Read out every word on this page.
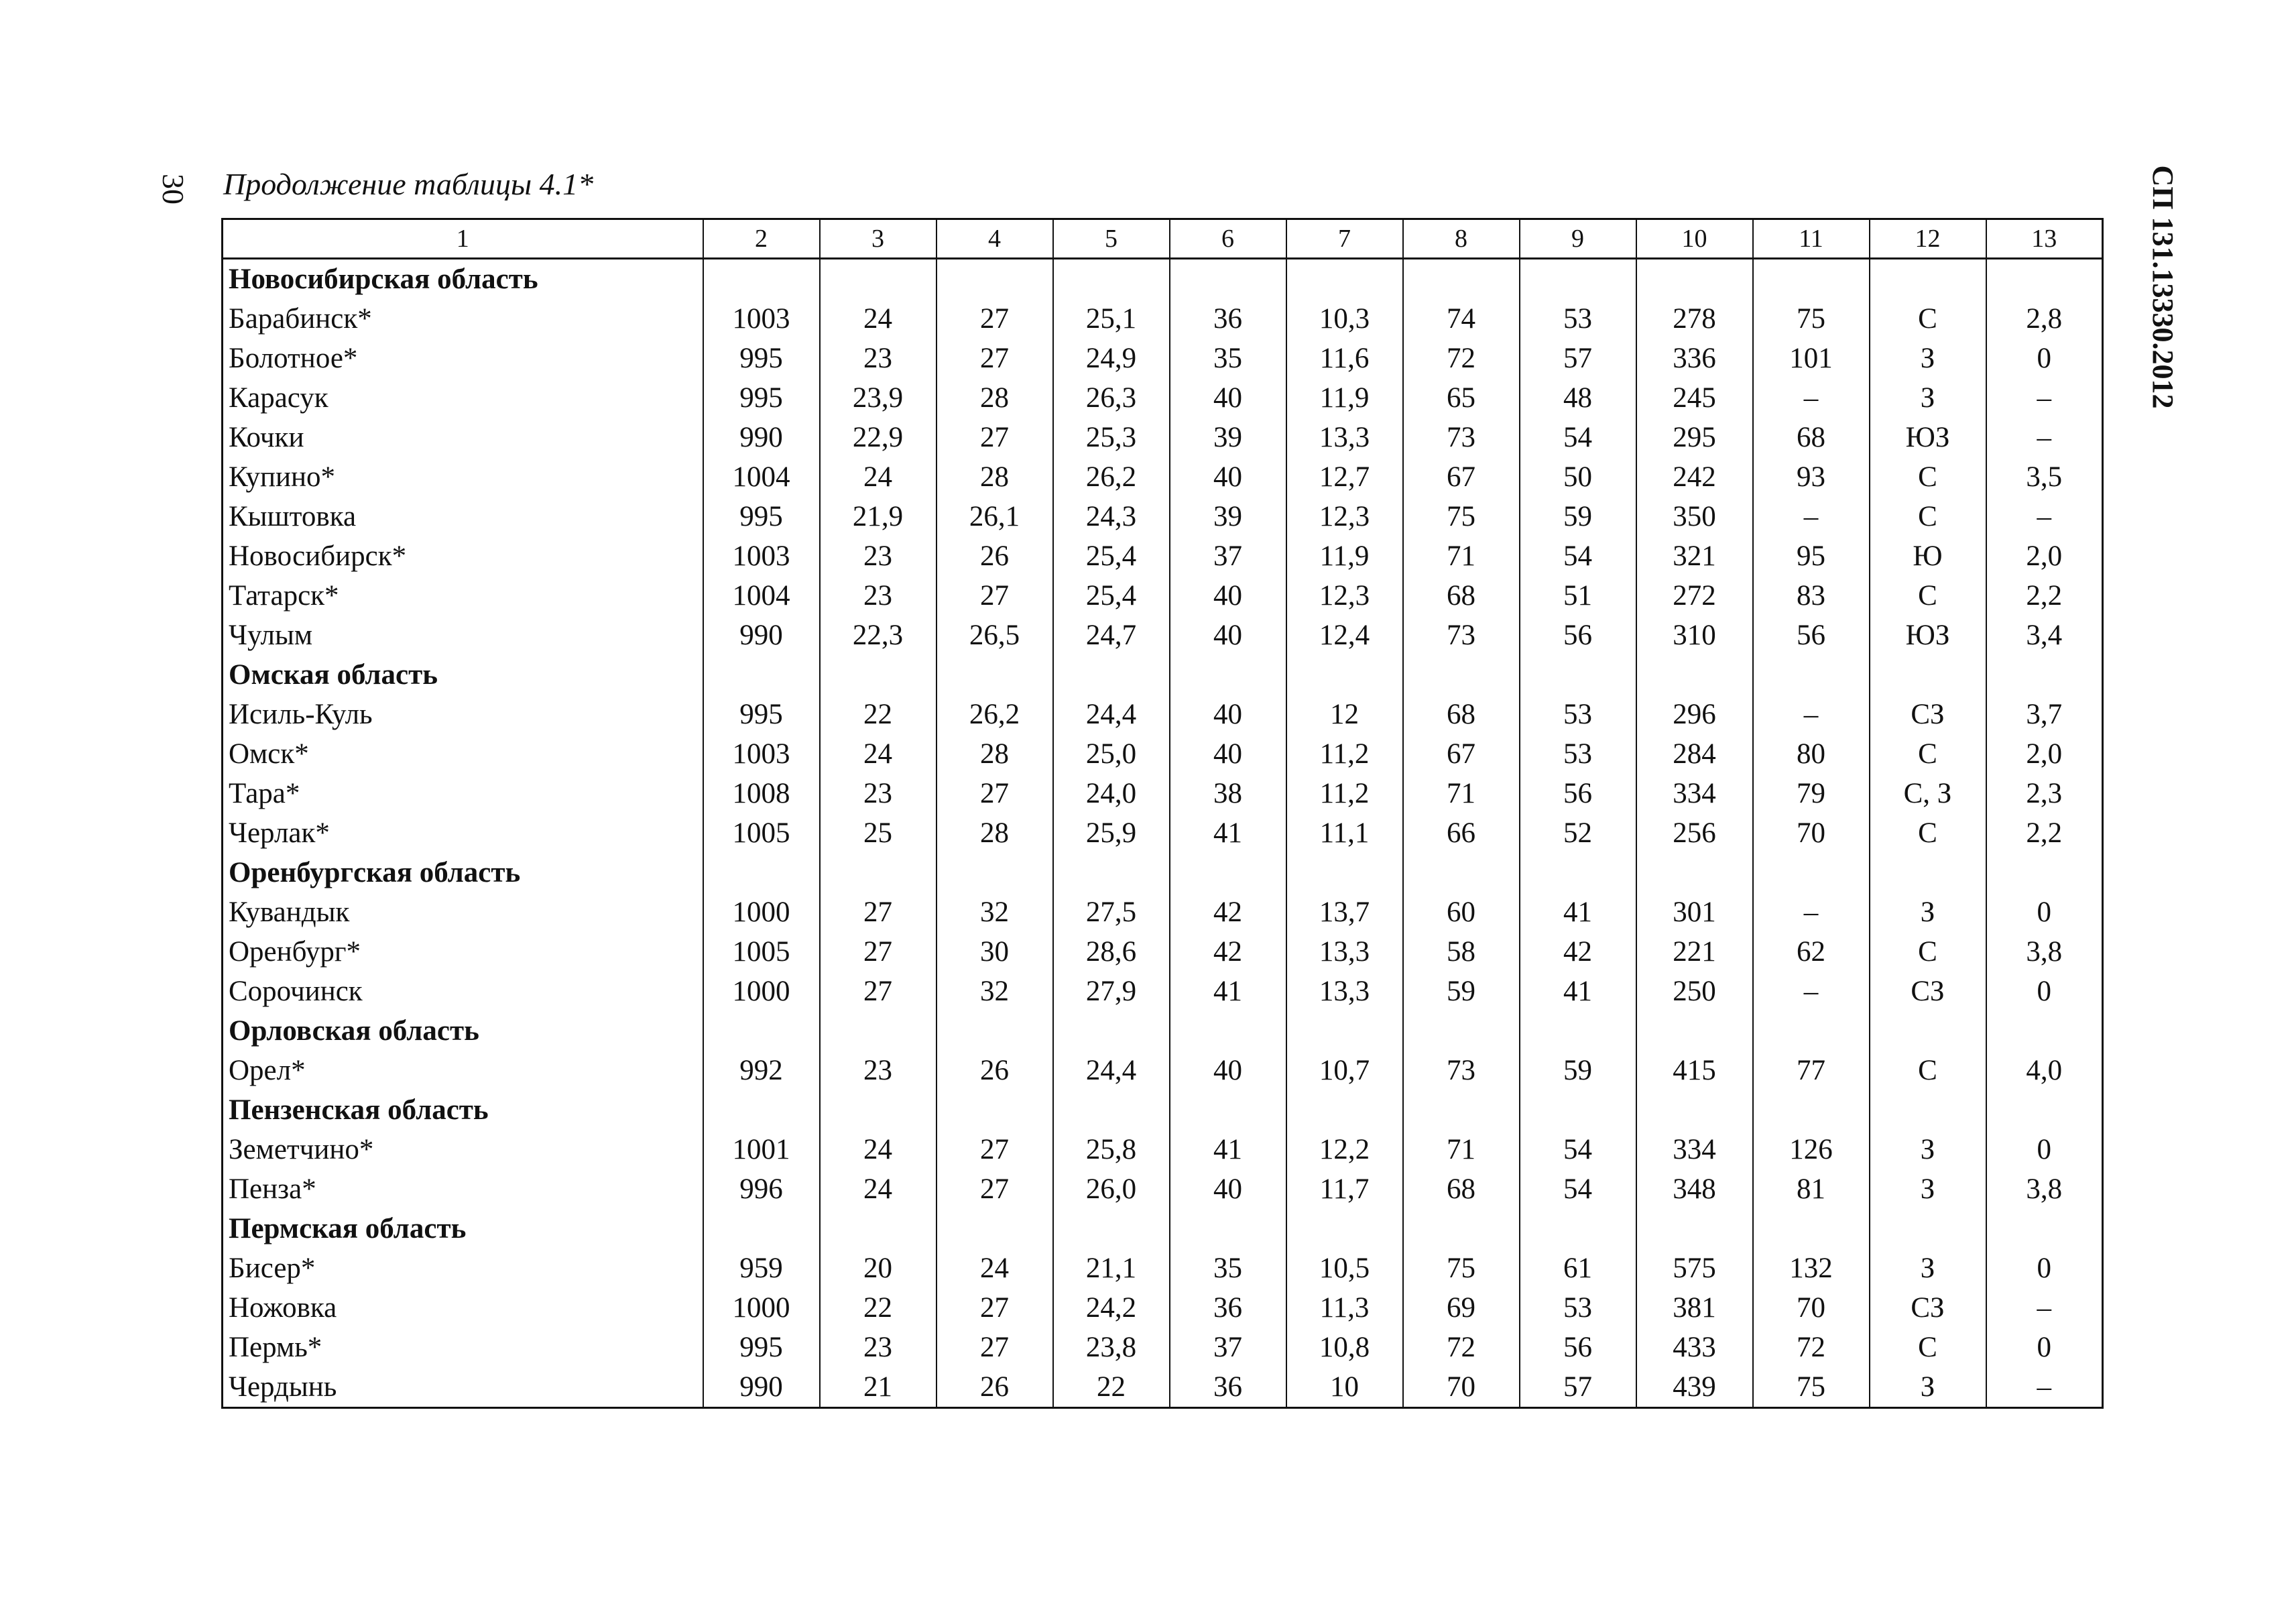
30 Продолжение таблицы 4.1*	СП 131.13330.2012
1	2	3	4	5	6	7	8	9	10	11	12	13
Новосибирская область												
Барабинск*	1003	24	27	25,1	36	10,3	74	53	278	75	С	2,8
Болотное*	995	23	27	24,9	35	11,6	72	57	336	101	З	0
Карасук	995	23,9	28	26,3	40	11,9	65	48	245	–	З	–
Кочки	990	22,9	27	25,3	39	13,3	73	54	295	68	ЮЗ	–
Купино*	1004	24	28	26,2	40	12,7	67	50	242	93	С	3,5
Кыштовка	995	21,9	26,1	24,3	39	12,3	75	59	350	–	С	–
Новосибирск*	1003	23	26	25,4	37	11,9	71	54	321	95	Ю	2,0
Татарск*	1004	23	27	25,4	40	12,3	68	51	272	83	С	2,2
Чулым	990	22,3	26,5	24,7	40	12,4	73	56	310	56	ЮЗ	3,4
Омская область												
Исиль-Куль	995	22	26,2	24,4	40	12	68	53	296	–	СЗ	3,7
Омск*	1003	24	28	25,0	40	11,2	67	53	284	80	С	2,0
Тара*	1008	23	27	24,0	38	11,2	71	56	334	79	С, З	2,3
Черлак*	1005	25	28	25,9	41	11,1	66	52	256	70	С	2,2
Оренбургская область												
Кувандык	1000	27	32	27,5	42	13,7	60	41	301	–	З	0
Оренбург*	1005	27	30	28,6	42	13,3	58	42	221	62	С	3,8
Сорочинск	1000	27	32	27,9	41	13,3	59	41	250	–	СЗ	0
Орловская область												
Орел*	992	23	26	24,4	40	10,7	73	59	415	77	С	4,0
Пензенская область												
Земетчино*	1001	24	27	25,8	41	12,2	71	54	334	126	З	0
Пенза*	996	24	27	26,0	40	11,7	68	54	348	81	З	3,8
Пермская область												
Бисер*	959	20	24	21,1	35	10,5	75	61	575	132	З	0
Ножовка	1000	22	27	24,2	36	11,3	69	53	381	70	СЗ	–
Пермь*	995	23	27	23,8	37	10,8	72	56	433	72	С	0
Чердынь	990	21	26	22	36	10	70	57	439	75	З	–
